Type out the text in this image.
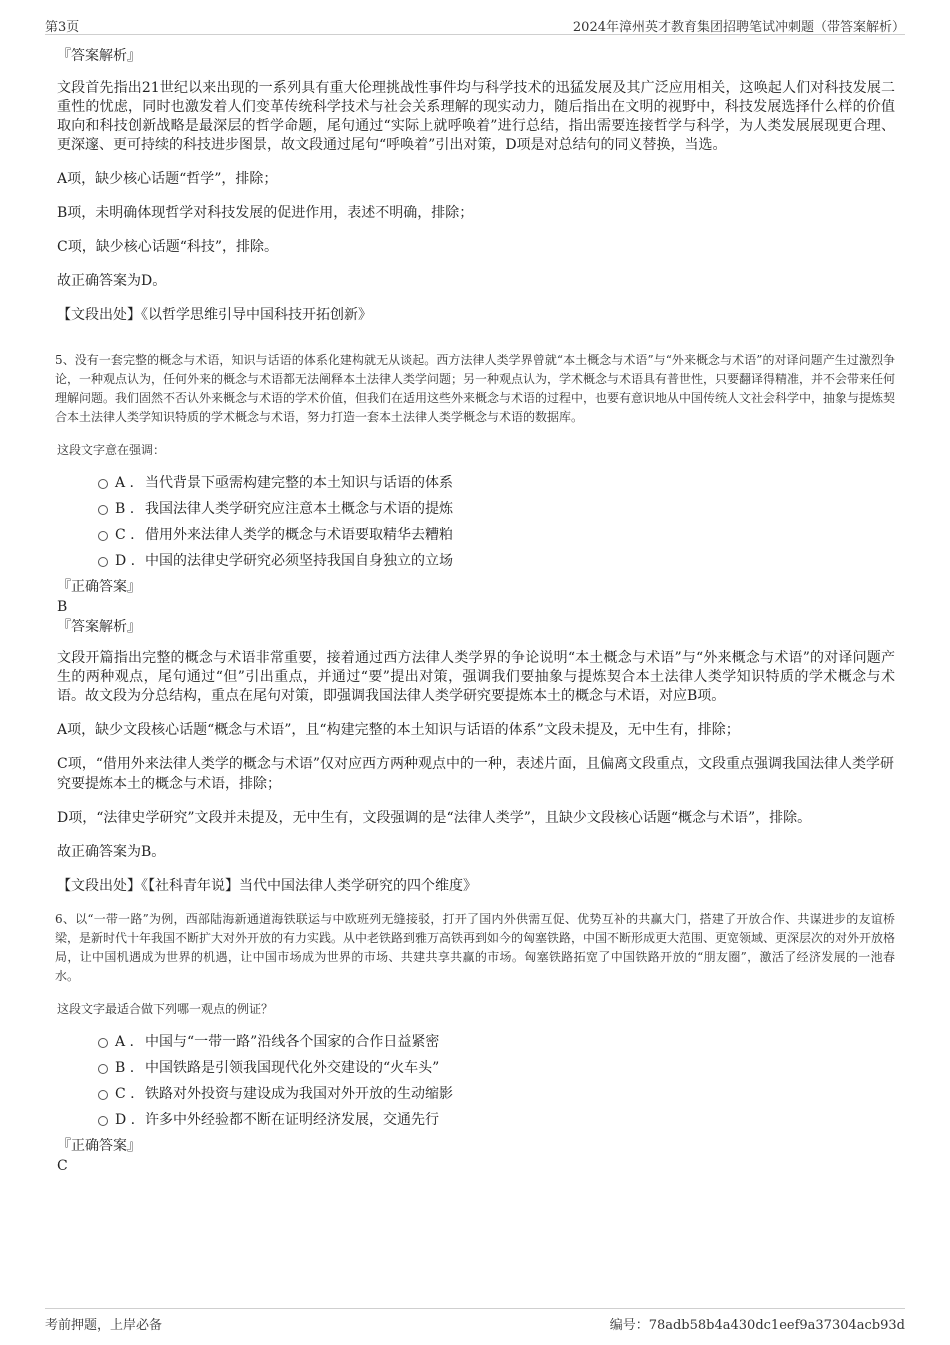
第3页	2024年漳州英才教育集团招聘笔试冲刺题（带答案解析）

『答案解析』

文段首先指出21世纪以来出现的一系列具有重大伦理挑战性事件均与科学技术的迅猛发展及其广泛应用相关，这唤起人们对科技发展二重性的忧虑，同时也激发着人们变革传统科学技术与社会关系理解的现实动力，随后指出在文明的视野中，科技发展选择什么样的价值取向和科技创新战略是最深层的哲学命题，尾句通过“实际上就呼唤着”进行总结，指出需要连接哲学与科学，为人类发展展现更合理、更深邃、更可持续的科技进步图景，故文段通过尾句“呼唤着”引出对策，D项是对总结句的同义替换，当选。

A项，缺少核心话题“哲学”，排除；

B项，未明确体现哲学对科技发展的促进作用，表述不明确，排除；

C项，缺少核心话题“科技”，排除。

故正确答案为D。

【文段出处】《以哲学思维引导中国科技开拓创新》

5、没有一套完整的概念与术语，知识与话语的体系化建构就无从谈起。西方法律人类学界曾就“本土概念与术语”与“外来概念与术语”的对译问题产生过激烈争论，一种观点认为，任何外来的概念与术语都无法阐释本土法律人类学问题；另一种观点认为，学术概念与术语具有普世性，只要翻译得精准，并不会带来任何理解问题。我们固然不否认外来概念与术语的学术价值，但我们在适用这些外来概念与术语的过程中，也要有意识地从中国传统人文社会科学中，抽象与提炼契合本土法律人类学知识特质的学术概念与术语，努力打造一套本土法律人类学概念与术语的数据库。

这段文字意在强调：

A . 当代背景下亟需构建完整的本土知识与话语的体系
B . 我国法律人类学研究应注意本土概念与术语的提炼
C . 借用外来法律人类学的概念与术语要取精华去糟粕
D . 中国的法律史学研究必须坚持我国自身独立的立场

『正确答案』

B

『答案解析』

文段开篇指出完整的概念与术语非常重要，接着通过西方法律人类学界的争论说明“本土概念与术语”与“外来概念与术语”的对译问题产生的两种观点，尾句通过“但”引出重点，并通过“要”提出对策，强调我们要抽象与提炼契合本土法律人类学知识特质的学术概念与术语。故文段为分总结构，重点在尾句对策，即强调我国法律人类学研究要提炼本土的概念与术语，对应B项。

A项，缺少文段核心话题“概念与术语”，且“构建完整的本土知识与话语的体系”文段未提及，无中生有，排除；

C项，“借用外来法律人类学的概念与术语”仅对应西方两种观点中的一种，表述片面，且偏离文段重点，文段重点强调我国法律人类学研究要提炼本土的概念与术语，排除；

D项，“法律史学研究”文段并未提及，无中生有，文段强调的是“法律人类学”，且缺少文段核心话题“概念与术语”，排除。

故正确答案为B。

【文段出处】《【社科青年说】当代中国法律人类学研究的四个维度》

6、以“一带一路”为例，西部陆海新通道海铁联运与中欧班列无缝接驳，打开了国内外供需互促、优势互补的共赢大门，搭建了开放合作、共谋进步的友谊桥梁，是新时代十年我国不断扩大对外开放的有力实践。从中老铁路到雅万高铁再到如今的匈塞铁路，中国不断形成更大范围、更宽领域、更深层次的对外开放格局，让中国机遇成为世界的机遇，让中国市场成为世界的市场、共建共享共赢的市场。匈塞铁路拓宽了中国铁路开放的“朋友圈”，激活了经济发展的一池春水。

这段文字最适合做下列哪一观点的例证？

A . 中国与“一带一路”沿线各个国家的合作日益紧密
B . 中国铁路是引领我国现代化外交建设的“火车头”
C . 铁路对外投资与建设成为我国对外开放的生动缩影
D . 许多中外经验都不断在证明经济发展，交通先行

『正确答案』

C

考前押题，上岸必备	编号：78adb58b4a430dc1eef9a37304acb93d
